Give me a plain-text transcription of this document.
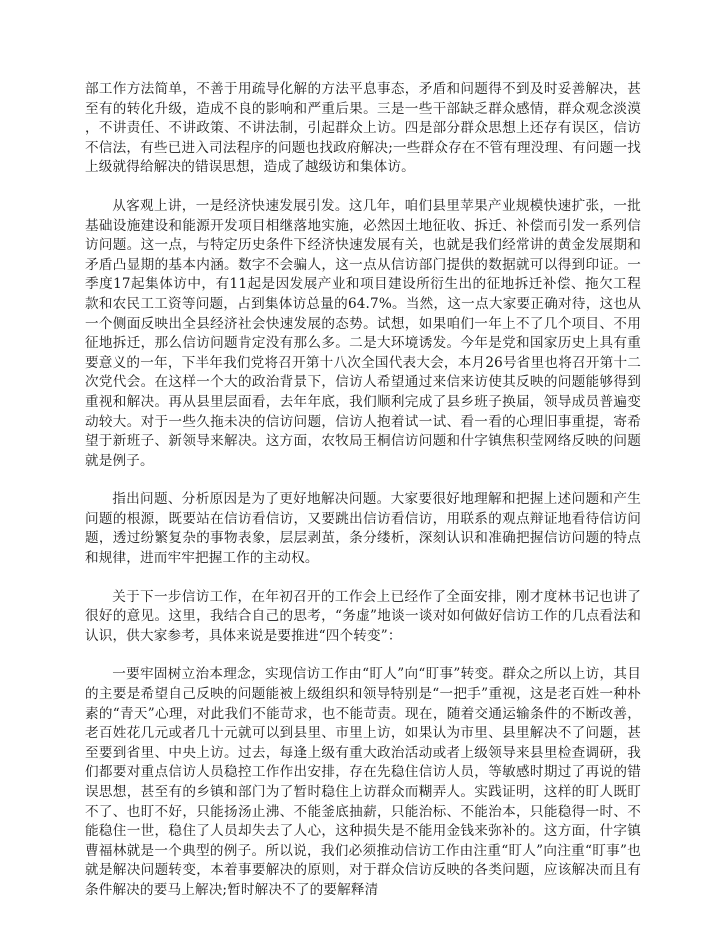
部工作方法简单，不善于用疏导化解的方法平息事态，矛盾和问题得不到及时妥善解决，甚至有的转化升级，造成不良的影响和严重后果。三是一些干部缺乏群众感情，群众观念淡漠，不讲责任、不讲政策、不讲法制，引起群众上访。四是部分群众思想上还存有误区，信访不信法，有些已进入司法程序的问题也找政府解决;一些群众存在不管有理没理、有问题一找上级就得给解决的错误思想，造成了越级访和集体访。

从客观上讲，一是经济快速发展引发。这几年，咱们县里苹果产业规模快速扩张，一批基础设施建设和能源开发项目相继落地实施，必然因土地征收、拆迁、补偿而引发一系列信访问题。这一点，与特定历史条件下经济快速发展有关，也就是我们经常讲的黄金发展期和矛盾凸显期的基本内涵。数字不会骗人，这一点从信访部门提供的数据就可以得到印证。一季度17起集体访中，有11起是因发展产业和项目建设所衍生出的征地拆迁补偿、拖欠工程款和农民工工资等问题，占到集体访总量的64.7%。当然，这一点大家要正确对待，这也从一个侧面反映出全县经济社会快速发展的态势。试想，如果咱们一年上不了几个项目、不用征地拆迁，那么信访问题肯定没有那么多。二是大环境诱发。今年是党和国家历史上具有重要意义的一年，下半年我们党将召开第十八次全国代表大会，本月26号省里也将召开第十二次党代会。在这样一个大的政治背景下，信访人希望通过来信来访使其反映的问题能够得到重视和解决。再从县里层面看，去年年底，我们顺利完成了县乡班子换届，领导成员普遍变动较大。对于一些久拖未决的信访问题，信访人抱着试一试、看一看的心理旧事重提，寄希望于新班子、新领导来解决。这方面，农牧局王桐信访问题和什字镇焦积莹网络反映的问题就是例子。

指出问题、分析原因是为了更好地解决问题。大家要很好地理解和把握上述问题和产生问题的根源，既要站在信访看信访，又要跳出信访看信访，用联系的观点辩证地看待信访问题，透过纷繁复杂的事物表象，层层剥茧，条分缕析，深刻认识和准确把握信访问题的特点和规律，进而牢牢把握工作的主动权。

关于下一步信访工作，在年初召开的工作会上已经作了全面安排，刚才度林书记也讲了很好的意见。这里，我结合自己的思考，“务虚”地谈一谈对如何做好信访工作的几点看法和认识，供大家参考，具体来说是要推进“四个转变”：

一要牢固树立治本理念，实现信访工作由“盯人”向“盯事”转变。群众之所以上访，其目的主要是希望自己反映的问题能被上级组织和领导特别是“一把手”重视，这是老百姓一种朴素的“青天”心理，对此我们不能苛求，也不能苛责。现在，随着交通运输条件的不断改善，老百姓花几元或者几十元就可以到县里、市里上访，如果认为市里、县里解决不了问题，甚至要到省里、中央上访。过去，每逢上级有重大政治活动或者上级领导来县里检查调研，我们都要对重点信访人员稳控工作作出安排，存在先稳住信访人员，等敏感时期过了再说的错误思想，甚至有的乡镇和部门为了暂时稳住上访群众而糊弄人。实践证明，这样的盯人既盯不了、也盯不好，只能扬汤止沸、不能釜底抽薪，只能治标、不能治本，只能稳得一时、不能稳住一世，稳住了人员却失去了人心，这种损失是不能用金钱来弥补的。这方面，什字镇曹福林就是一个典型的例子。所以说，我们必须推动信访工作由注重“盯人”向注重“盯事”也就是解决问题转变，本着事要解决的原则，对于群众信访反映的各类问题，应该解决而且有条件解决的要马上解决;暂时解决不了的要解释清
